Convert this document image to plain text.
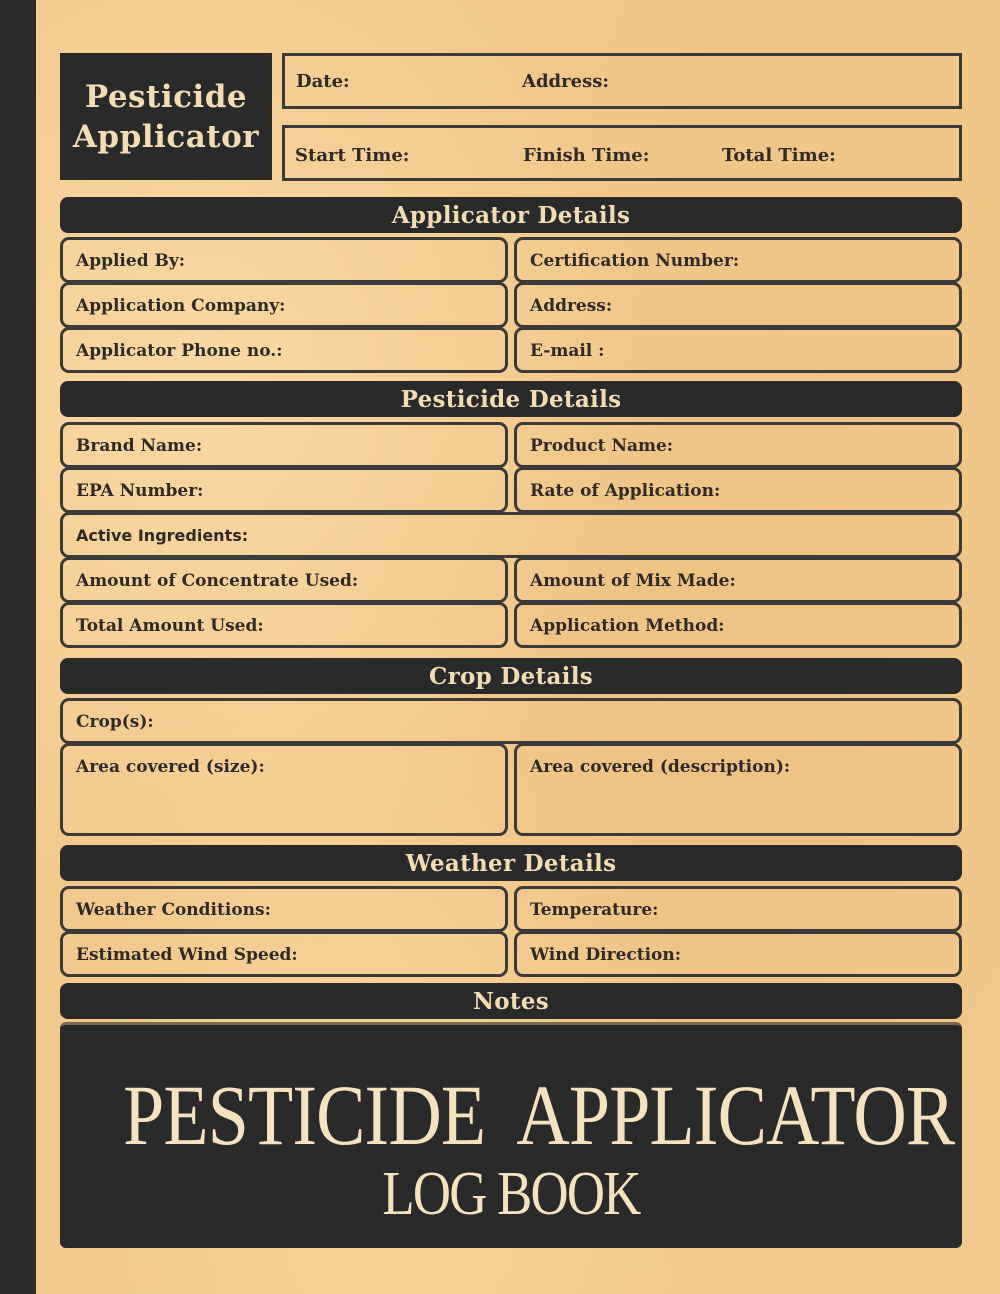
Pesticide
Applicator
Date:	Address:
Start Time:	Finish Time:	Total Time:
Applicator Details
Applied By:	Certification Number:
Application Company:	Address:
Applicator Phone no.:	E-mail :
Pesticide Details
Brand Name:	Product Name:
EPA Number:	Rate of Application:
Active Ingredients:
Amount of Concentrate Used:	Amount of Mix Made:
Total Amount Used:	Application Method:
Crop Details
Crop(s):
Area covered (size):	Area covered (description):
Weather Details
Weather Conditions:	Temperature:
Estimated Wind Speed:	Wind Direction:
Notes
PESTICIDE  APPLICATOR
LOG BOOK
